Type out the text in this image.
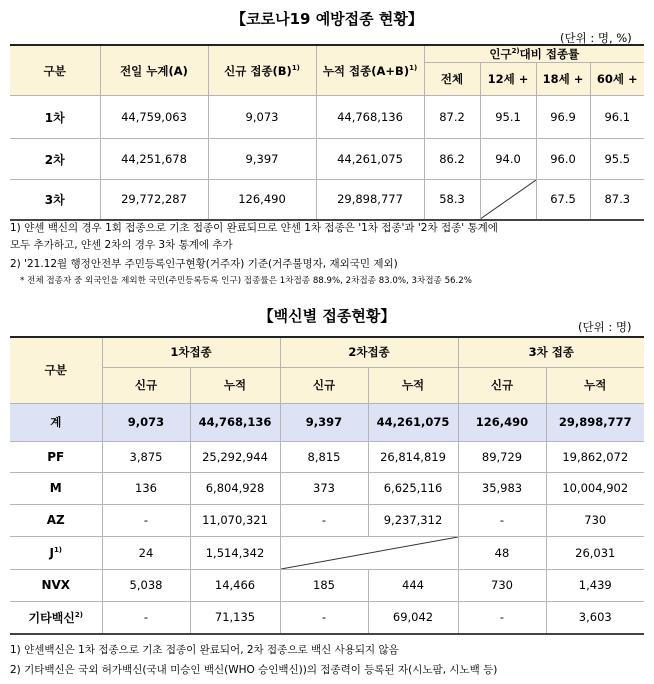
【코로나19 예방접종 현황】
(단위 : 명, %)
구분	전일 누계(A)	신규 접종$(B)^{1)}$	누적 접종$(A+B)^{1)}$	인구$^{2)}$대비 접종률			
				전체	12세 +	18세 +	60세 +
1차	44,759,063	9,073	44,768,136	87.2	95.1	96.9	96.1
2차	44,251,678	9,397	44,261,075	86.2	94.0	96.0	95.5
3차	29,772,287	126,490	29,898,777	58.3		67.5	87.3
1) 얀센 백신의 경우 1회 접종으로 기초 접종이 완료되므로 얀센 1차 접종은 '1차 접종'과 '2차 접종' 통계에
모두 추가하고, 얀센 2차의 경우 3차 통계에 추가
2) '21.12월 행정안전부 주민등록인구현황(거주자) 기준(거주불명자, 재외국민 제외)
* 전체 접종자 중 외국인을 제외한 국민(주민등록등록 인구) 접종률은 1차접종 88.9%, 2차접종 83.0%, 3차접종 56.2%
【백신별 접종현황】
(단위 : 명)
구분	1차접종		2차접종		3차 접종	
	신규	누적	신규	누적	신규	누적
계	9,073	44,768,136	9,397	44,261,075	126,490	29,898,777
PF	3,875	25,292,944	8,815	26,814,819	89,729	19,862,072
M	136	6,804,928	373	6,625,116	35,983	10,004,902
AZ	-	11,070,321	-	9,237,312	-	730
$J^{1)}$	24	1,514,342			48	26,031
NVX	5,038	14,466	185	444	730	1,439
기타백신$^{2)}$	-	71,135	-	69,042	-	3,603
1) 얀센백신은 1차 접종으로 기초 접종이 완료되어, 2차 접종으로 백신 사용되지 않음
2) 기타백신은 국외 허가백신(국내 미승인 백신(WHO 승인백신))의 접종력이 등록된 자(시노팜, 시노백 등)
